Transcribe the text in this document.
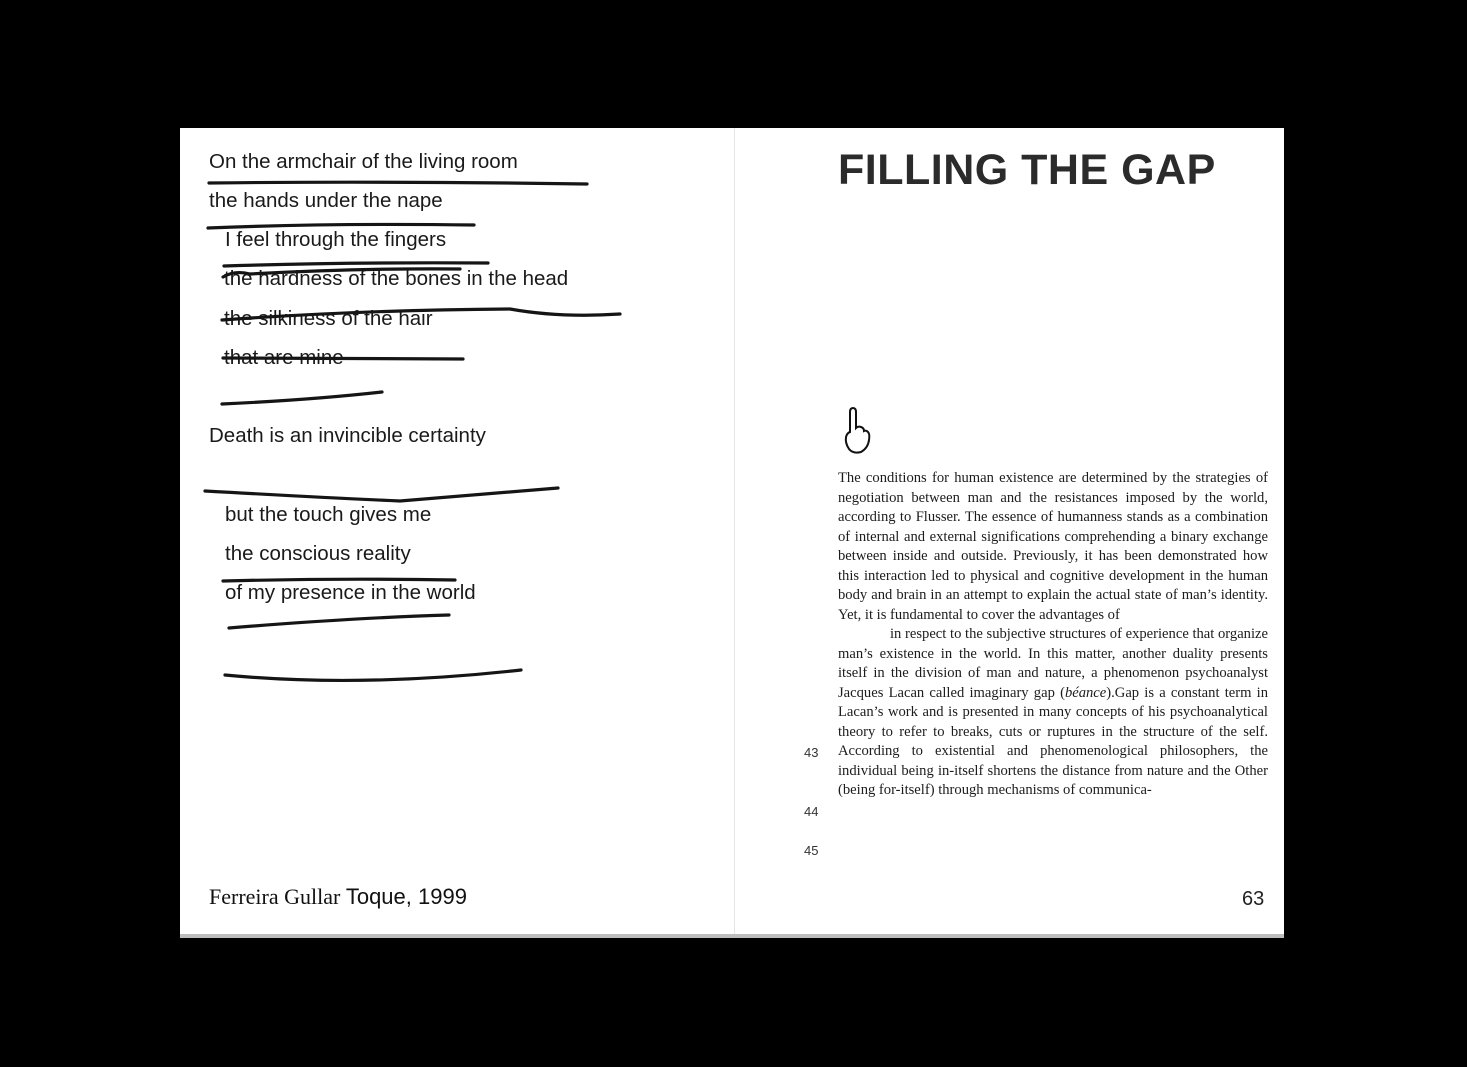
On the armchair of the living room
the hands under the nape
I feel through the fingers
the hardness of the bones in the head
the silkiness of the hair
that are mine
Death is an invincible certainty
but the touch gives me
the conscious reality
of my presence in the world
Ferreira Gullar Toque, 1999
FILLING THE GAP

The conditions for human existence are determined by the strategies of negotiation between man and the resistances imposed by the world, according to Flusser. The essence of humanness stands as a combination of internal and external significations comprehending a binary exchange between inside and outside. Previously, it has been demonstrated how this interaction led to physical and cognitive development in the human body and brain in an attempt to explain the actual state of man’s identity. Yet, it is fundamental to cover the advantages of
in respect to the subjective structures of experience that organize man’s existence in the world. In this matter, another duality presents itself in the division of man and nature, a phenomenon psychoanalyst Jacques Lacan called imaginary gap (béance).Gap is a constant term in Lacan’s work and is presented in many concepts of his psychoanalytical theory to refer to breaks, cuts or ruptures in the structure of the self. According to existential and phenomenological philosophers, the individual being in-itself shortens the distance from nature and the Other (being for-itself) through mechanisms of communica-

43
44
45
63
